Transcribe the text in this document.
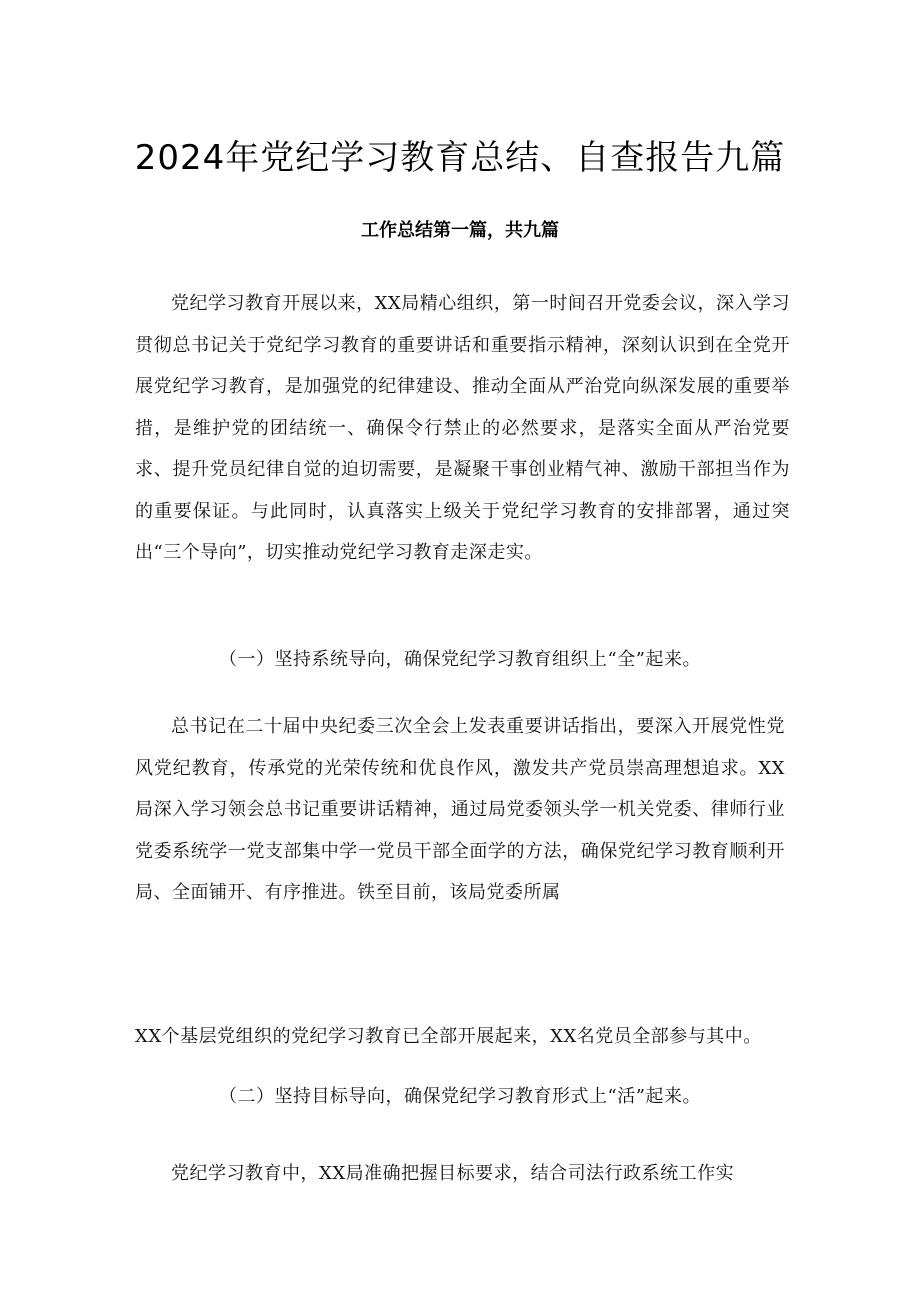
2024年党纪学习教育总结、自查报告九篇
工作总结第一篇，共九篇

党纪学习教育开展以来，XX局精心组织，第一时间召开党委会议，深入学习贯彻总书记关于党纪学习教育的重要讲话和重要指示精神，深刻认识到在全党开展党纪学习教育，是加强党的纪律建设、推动全面从严治党向纵深发展的重要举措，是维护党的团结统一、确保令行禁止的必然要求，是落实全面从严治党要求、提升党员纪律自觉的迫切需要，是凝聚干事创业精气神、激励干部担当作为的重要保证。与此同时，认真落实上级关于党纪学习教育的安排部署，通过突出“三个导向”，切实推动党纪学习教育走深走实。

（一）坚持系统导向，确保党纪学习教育组织上“全”起来。

总书记在二十届中央纪委三次全会上发表重要讲话指出，要深入开展党性党风党纪教育，传承党的光荣传统和优良作风，激发共产党员崇高理想追求。XX局深入学习领会总书记重要讲话精神，通过局党委领头学一机关党委、律师行业党委系统学一党支部集中学一党员干部全面学的方法，确保党纪学习教育顺利开局、全面铺开、有序推进。铁至目前，该局党委所属

XX个基层党组织的党纪学习教育已全部开展起来，XX名党员全部参与其中。
（二）坚持目标导向，确保党纪学习教育形式上“活”起来。

党纪学习教育中，XX局准确把握目标要求，结合司法行政系统工作实
